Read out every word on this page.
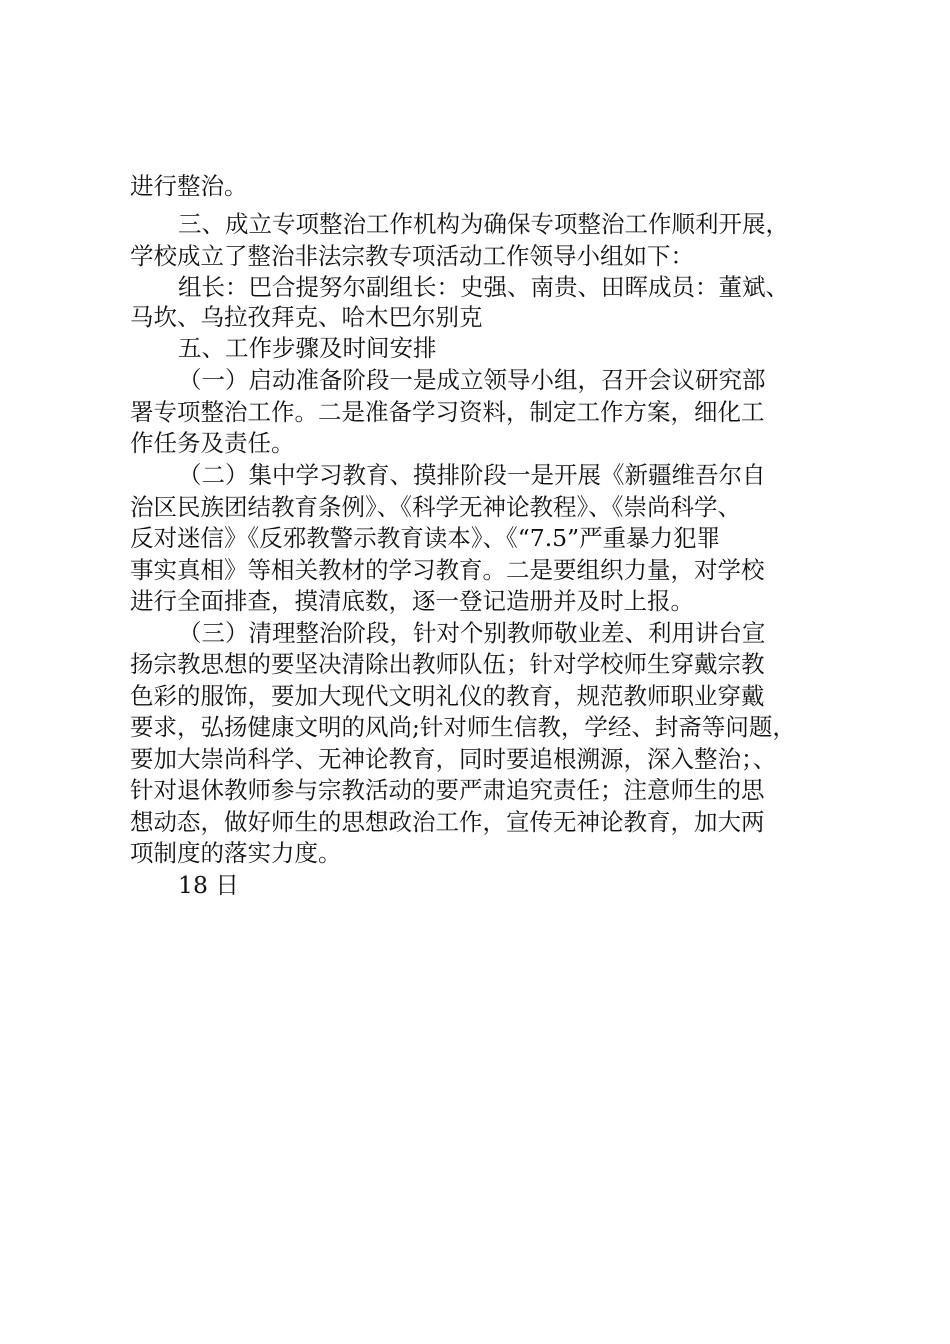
进行整治。

三、成立专项整治工作机构为确保专项整治工作顺利开展，

学校成立了整治非法宗教专项活动工作领导小组如下：

组长：巴合提努尔副组长：史强、南贵、田晖成员：董斌、

马坎、乌拉孜拜克、哈木巴尔别克

五、工作步骤及时间安排

（一）启动准备阶段一是成立领导小组，召开会议研究部

署专项整治工作。二是准备学习资料，制定工作方案，细化工

作任务及责任。

（二）集中学习教育、摸排阶段一是开展《新疆维吾尔自

治区民族团结教育条例》、《科学无神论教程》、《崇尚科学、

反对迷信》《反邪教警示教育读本》、《“7.5”严重暴力犯罪

事实真相》等相关教材的学习教育。二是要组织力量，对学校

进行全面排查，摸清底数，逐一登记造册并及时上报。

（三）清理整治阶段，针对个别教师敬业差、利用讲台宣

扬宗教思想的要坚决清除出教师队伍；针对学校师生穿戴宗教

色彩的服饰，要加大现代文明礼仪的教育，规范教师职业穿戴

要求，弘扬健康文明的风尚;针对师生信教，学经、封斋等问题，

要加大崇尚科学、无神论教育，同时要追根溯源，深入整治；、

针对退休教师参与宗教活动的要严肃追究责任；注意师生的思

想动态，做好师生的思想政治工作，宣传无神论教育，加大两

项制度的落实力度。

18 日
